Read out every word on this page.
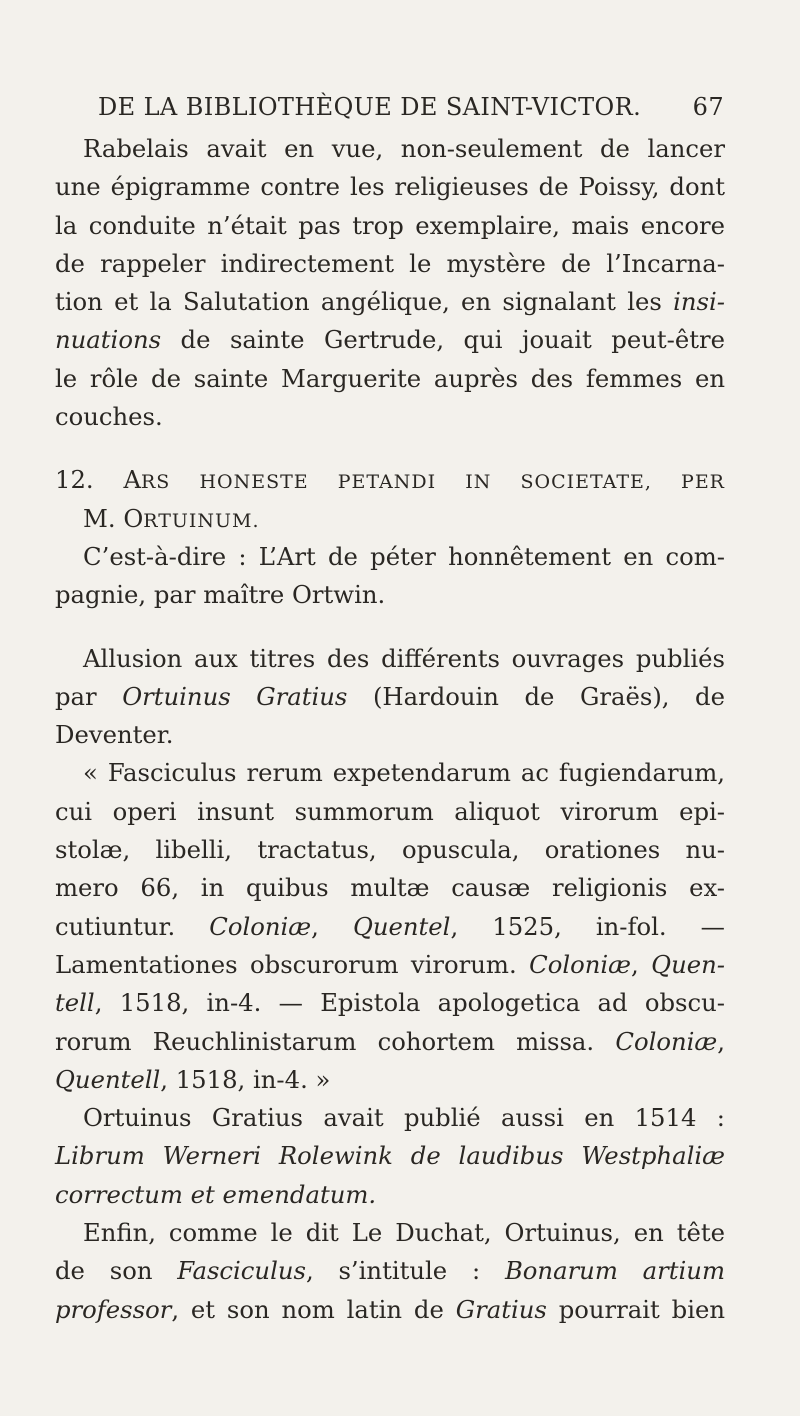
DE LA BIBLIOTHÈQUE DE SAINT-VICTOR. 67
Rabelais avait en vue, non-seulement de lancer
une épigramme contre les religieuses de Poissy, dont
la conduite n’était pas trop exemplaire, mais encore
de rappeler indirectement le mystère de l’Incarna-
tion et la Salutation angélique, en signalant les insi-
nuations de sainte Gertrude, qui jouait peut-être
le rôle de sainte Marguerite auprès des femmes en
couches.
12. ARS HONESTE PETANDI IN SOCIETATE, PER
M. ORTUINUM.
C’est-à-dire : L’Art de péter honnêtement en com-
pagnie, par maître Ortwin.
Allusion aux titres des différents ouvrages publiés
par Ortuinus Gratius (Hardouin de Graës), de
Deventer.
« Fasciculus rerum expetendarum ac fugiendarum,
cui operi insunt summorum aliquot virorum epi-
stolæ, libelli, tractatus, opuscula, orationes nu-
mero 66, in quibus multæ causæ religionis ex-
cutiuntur. Coloniæ, Quentel, 1525, in-fol. —
Lamentationes obscurorum virorum. Coloniæ, Quen-
tell, 1518, in-4. — Epistola apologetica ad obscu-
rorum Reuchlinistarum cohortem missa. Coloniæ,
Quentell, 1518, in-4. »
Ortuinus Gratius avait publié aussi en 1514 :
Librum Werneri Rolewink de laudibus Westphaliæ
correctum et emendatum.
Enfin, comme le dit Le Duchat, Ortuinus, en tête
de son Fasciculus, s’intitule : Bonarum artium
professor, et son nom latin de Gratius pourrait bien
